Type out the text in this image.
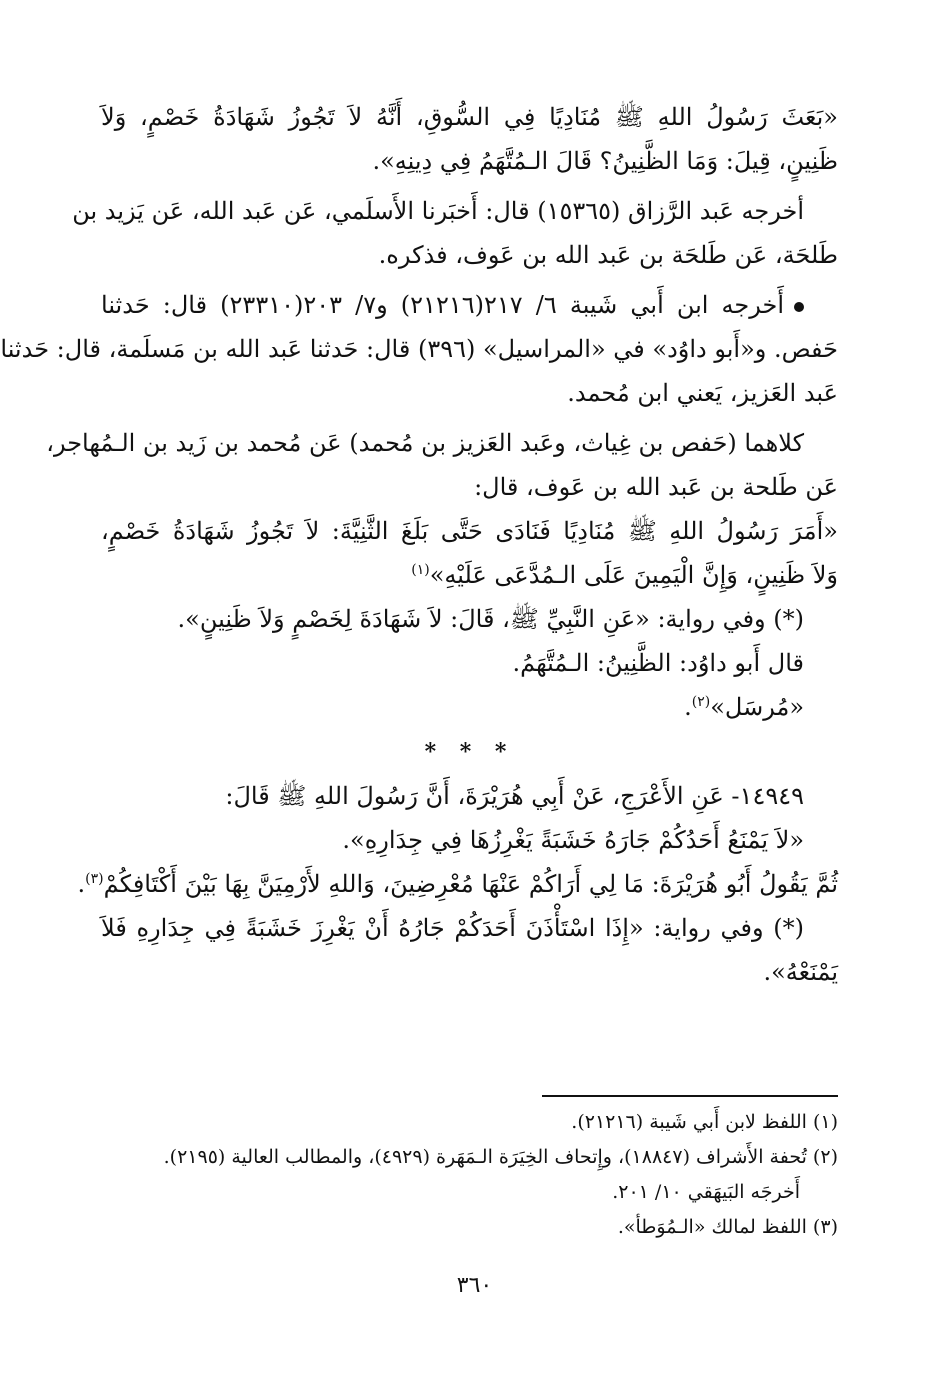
«بَعَثَ رَسُولُ اللهِ ﷺ مُنَادِيًا فِي السُّوقِ، أَنَّهُ لاَ تَجُوزُ شَهَادَةُ خَصْمٍ، وَلاَ
ظَنِينٍ، قِيلَ: وَمَا الظَّنِينُ؟ قَالَ الـمُتَّهَمُ فِي دِينِهِ».
أخرجه عَبد الرَّزاق (١٥٣٦٥) قال: أَخبَرنا الأَسلَمي، عَن عَبد الله، عَن يَزيد بن
طَلحَة، عَن طَلحَة بن عَبد الله بن عَوف، فذكره.
أَخرجه ابن أَبي شَيبة ٦/ ٢١٧(٢١٢١٦) و٧/ ٢٠٣(٢٣٣١٠) قال: حَدثنا
حَفص. و«أَبو داوُد» في «المراسيل» (٣٩٦) قال: حَدثنا عَبد الله بن مَسلَمة، قال: حَدثنا
عَبد العَزيز، يَعني ابن مُحمد.
كلاهما (حَفص بن غِياث، وعَبد العَزيز بن مُحمد) عَن مُحمد بن زَيد بن الـمُهاجر،
عَن طَلحة بن عَبد الله بن عَوف، قال:
«أَمَرَ رَسُولُ اللهِ ﷺ مُنَادِيًا فَنَادَى حَتَّى بَلَغَ الثَّنِيَّةَ: لاَ تَجُوزُ شَهَادَةُ خَصْمٍ،
وَلاَ ظَنِينٍ، وَإِنَّ الْيَمِينَ عَلَى الـمُدَّعَى عَلَيْهِ»$^{(١)}$
(*) وفي رواية: «عَنِ النَّبِيِّ ﷺ، قَالَ: لاَ شَهَادَةَ لِخَصْمٍ وَلاَ ظَنِينٍ».
قال أَبو داوُد: الظَّنِينُ: الـمُتَّهَمُ.
«مُرسَل»$^{(٢)}$.
* * *
١٤٩٤٩- عَنِ الأَعْرَجِ، عَنْ أَبِي هُرَيْرَةَ، أَنَّ رَسُولَ اللهِ ﷺ قَالَ:
«لاَ يَمْنَعُ أَحَدُكُمْ جَارَهُ خَشَبَةً يَغْرِزُهَا فِي جِدَارِهِ».
ثُمَّ يَقُولُ أَبُو هُرَيْرَةَ: مَا لِي أَرَاكُمْ عَنْهَا مُعْرِضِينَ، وَاللهِ لأَرْمِيَنَّ بِهَا بَيْنَ أَكْتَافِكُمْ$^{(٣)}$.
(*) وفي رواية: «إِذَا اسْتَأْذَنَ أَحَدَكُمْ جَارُهُ أَنْ يَغْرِزَ خَشَبَةً فِي جِدَارِهِ فَلاَ
يَمْنَعْهُ».
(١) اللفظ لابن أَبي شَيبة (٢١٢١٦).
(٢) تُحفة الأَشراف (١٨٨٤٧)، وإِتحاف الخِيَرَة الـمَهَرة (٤٩٢٩)، والمطالب العالية (٢١٩٥).
أَخرجَه البَيهَقي ١٠/ ٢٠١.
(٣) اللفظ لمالك «الـمُوَطأ».
٣٦٠
